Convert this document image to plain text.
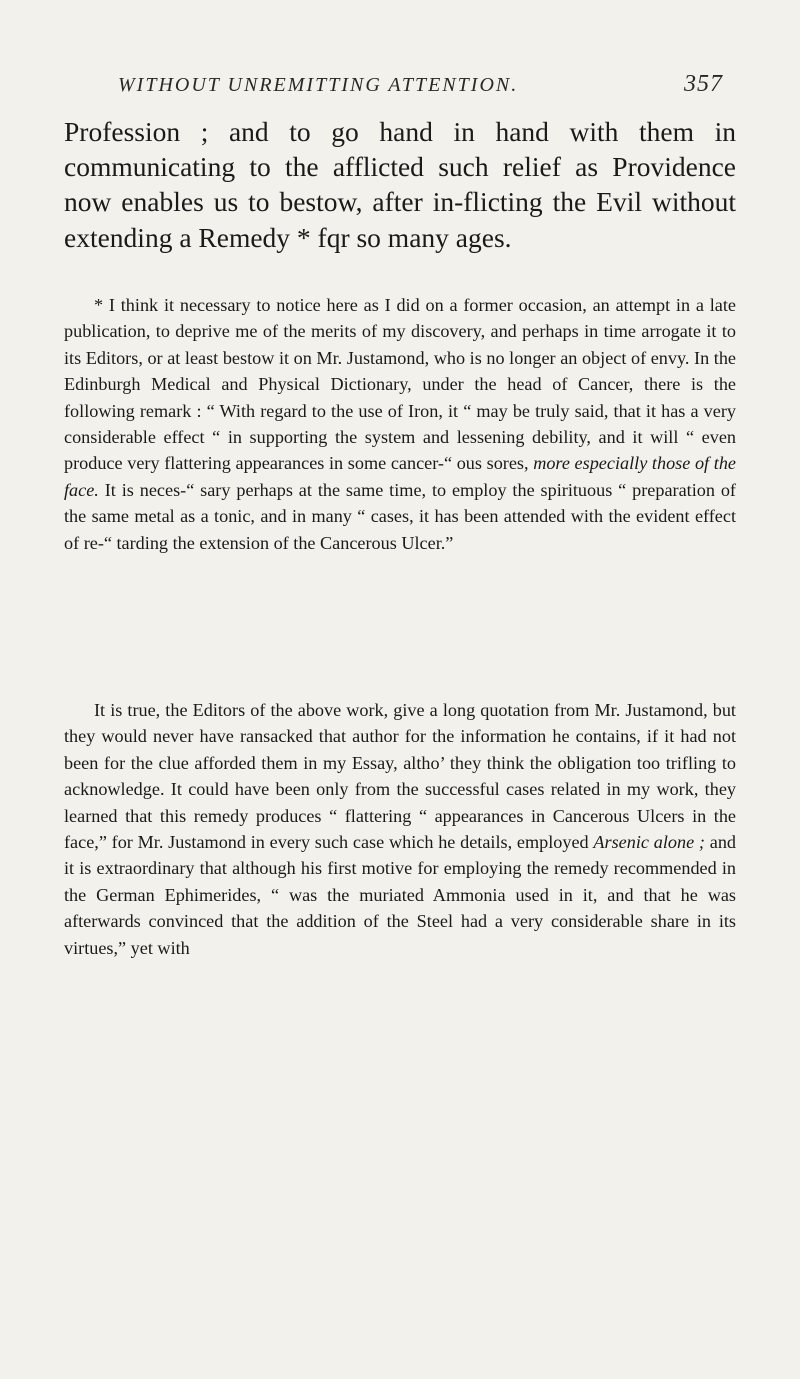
WITHOUT UNREMITTING ATTENTION.	357

Profession ; and to go hand in hand with them in communicating to the afflicted such relief as Providence now enables us to bestow, after in-flicting the Evil without extending a Remedy * fqr so many ages.

* I think it necessary to notice here as I did on a former occasion, an attempt in a late publication, to deprive me of the merits of my discovery, and perhaps in time arrogate it to its Editors, or at least bestow it on Mr. Justamond, who is no longer an object of envy. In the Edinburgh Medical and Physical Dictionary, under the head of Cancer, there is the following remark : “ With regard to the use of Iron, it “ may be truly said, that it has a very considerable effect “ in supporting the system and lessening debility, and it will “ even produce very flattering appearances in some cancer-“ ous sores, more especially those of the face. It is neces-“ sary perhaps at the same time, to employ the spirituous “ preparation of the same metal as a tonic, and in many “ cases, it has been attended with the evident effect of re-“ tarding the extension of the Cancerous Ulcer.”

It is true, the Editors of the above work, give a long quotation from Mr. Justamond, but they would never have ransacked that author for the information he contains, if it had not been for the clue afforded them in my Essay, altho’ they think the obligation too trifling to acknowledge. It could have been only from the successful cases related in my work, they learned that this remedy produces “ flattering “ appearances in Cancerous Ulcers in the face,” for Mr. Justamond in every such case which he details, employed Arsenic alone ; and it is extraordinary that although his first motive for employing the remedy recommended in the German Ephimerides, “ was the muriated Ammonia used in it, and that he was afterwards convinced that the addition of the Steel had a very considerable share in its virtues,” yet with
